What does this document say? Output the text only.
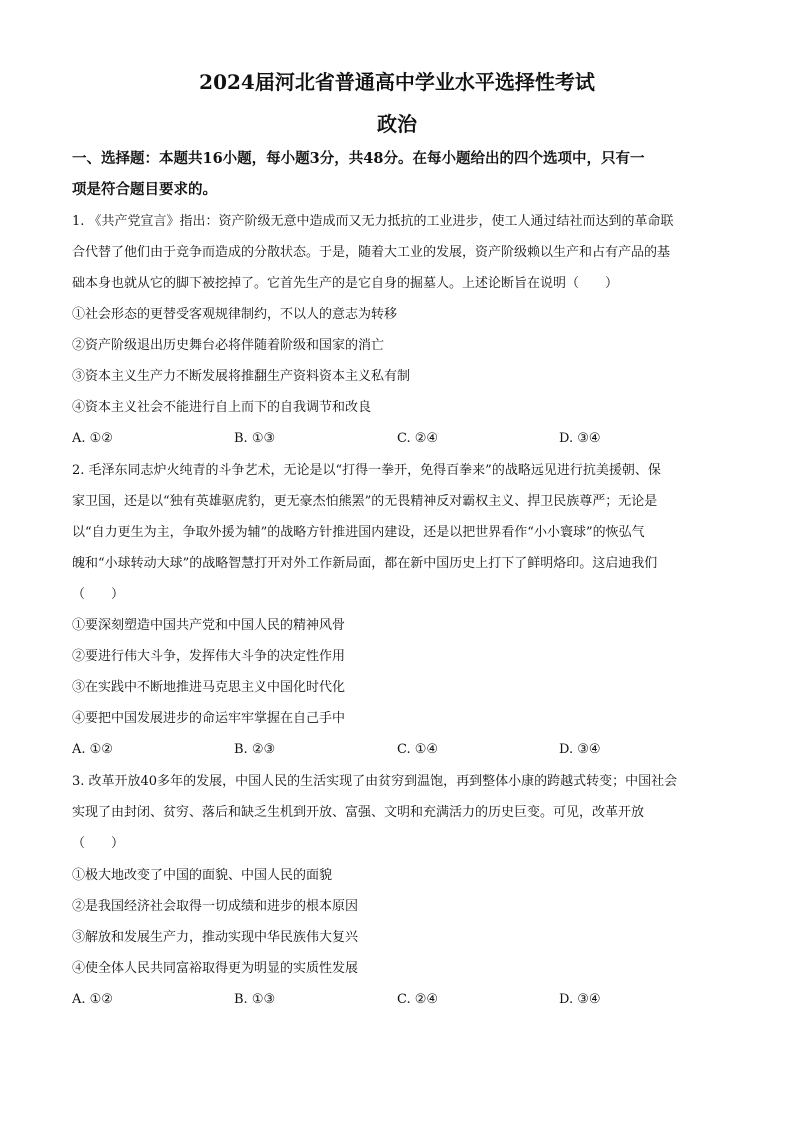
2024届河北省普通高中学业水平选择性考试
政治
一、选择题：本题共16小题，每小题3分，共48分。在每小题给出的四个选项中，只有一
项是符合题目要求的。
1. 《共产党宣言》指出：资产阶级无意中造成而又无力抵抗的工业进步，使工人通过结社而达到的革命联
合代替了他们由于竞争而造成的分散状态。于是，随着大工业的发展，资产阶级赖以生产和占有产品的基
础本身也就从它的脚下被挖掉了。它首先生产的是它自身的掘墓人。上述论断旨在说明（　　）
①社会形态的更替受客观规律制约，不以人的意志为转移
②资产阶级退出历史舞台必将伴随着阶级和国家的消亡
③资本主义生产力不断发展将推翻生产资料资本主义私有制
④资本主义社会不能进行自上而下的自我调节和改良
A. ①②	B. ①③	C. ②④	D. ③④
2. 毛泽东同志炉火纯青的斗争艺术，无论是以“打得一拳开，免得百拳来”的战略远见进行抗美援朝、保
家卫国，还是以“独有英雄驱虎豹，更无豪杰怕熊罴”的无畏精神反对霸权主义、捍卫民族尊严；无论是
以“自力更生为主，争取外援为辅”的战略方针推进国内建设，还是以把世界看作“小小寰球”的恢弘气
魄和“小球转动大球”的战略智慧打开对外工作新局面，都在新中国历史上打下了鲜明烙印。这启迪我们
（　　）
①要深刻塑造中国共产党和中国人民的精神风骨
②要进行伟大斗争，发挥伟大斗争的决定性作用
③在实践中不断地推进马克思主义中国化时代化
④要把中国发展进步的命运牢牢掌握在自己手中
A. ①②	B. ②③	C. ①④	D. ③④
3. 改革开放40多年的发展，中国人民的生活实现了由贫穷到温饱，再到整体小康的跨越式转变；中国社会
实现了由封闭、贫穷、落后和缺乏生机到开放、富强、文明和充满活力的历史巨变。可见，改革开放
（　　）
①极大地改变了中国的面貌、中国人民的面貌
②是我国经济社会取得一切成绩和进步的根本原因
③解放和发展生产力，推动实现中华民族伟大复兴
④使全体人民共同富裕取得更为明显的实质性发展
A. ①②	B. ①③	C. ②④	D. ③④
